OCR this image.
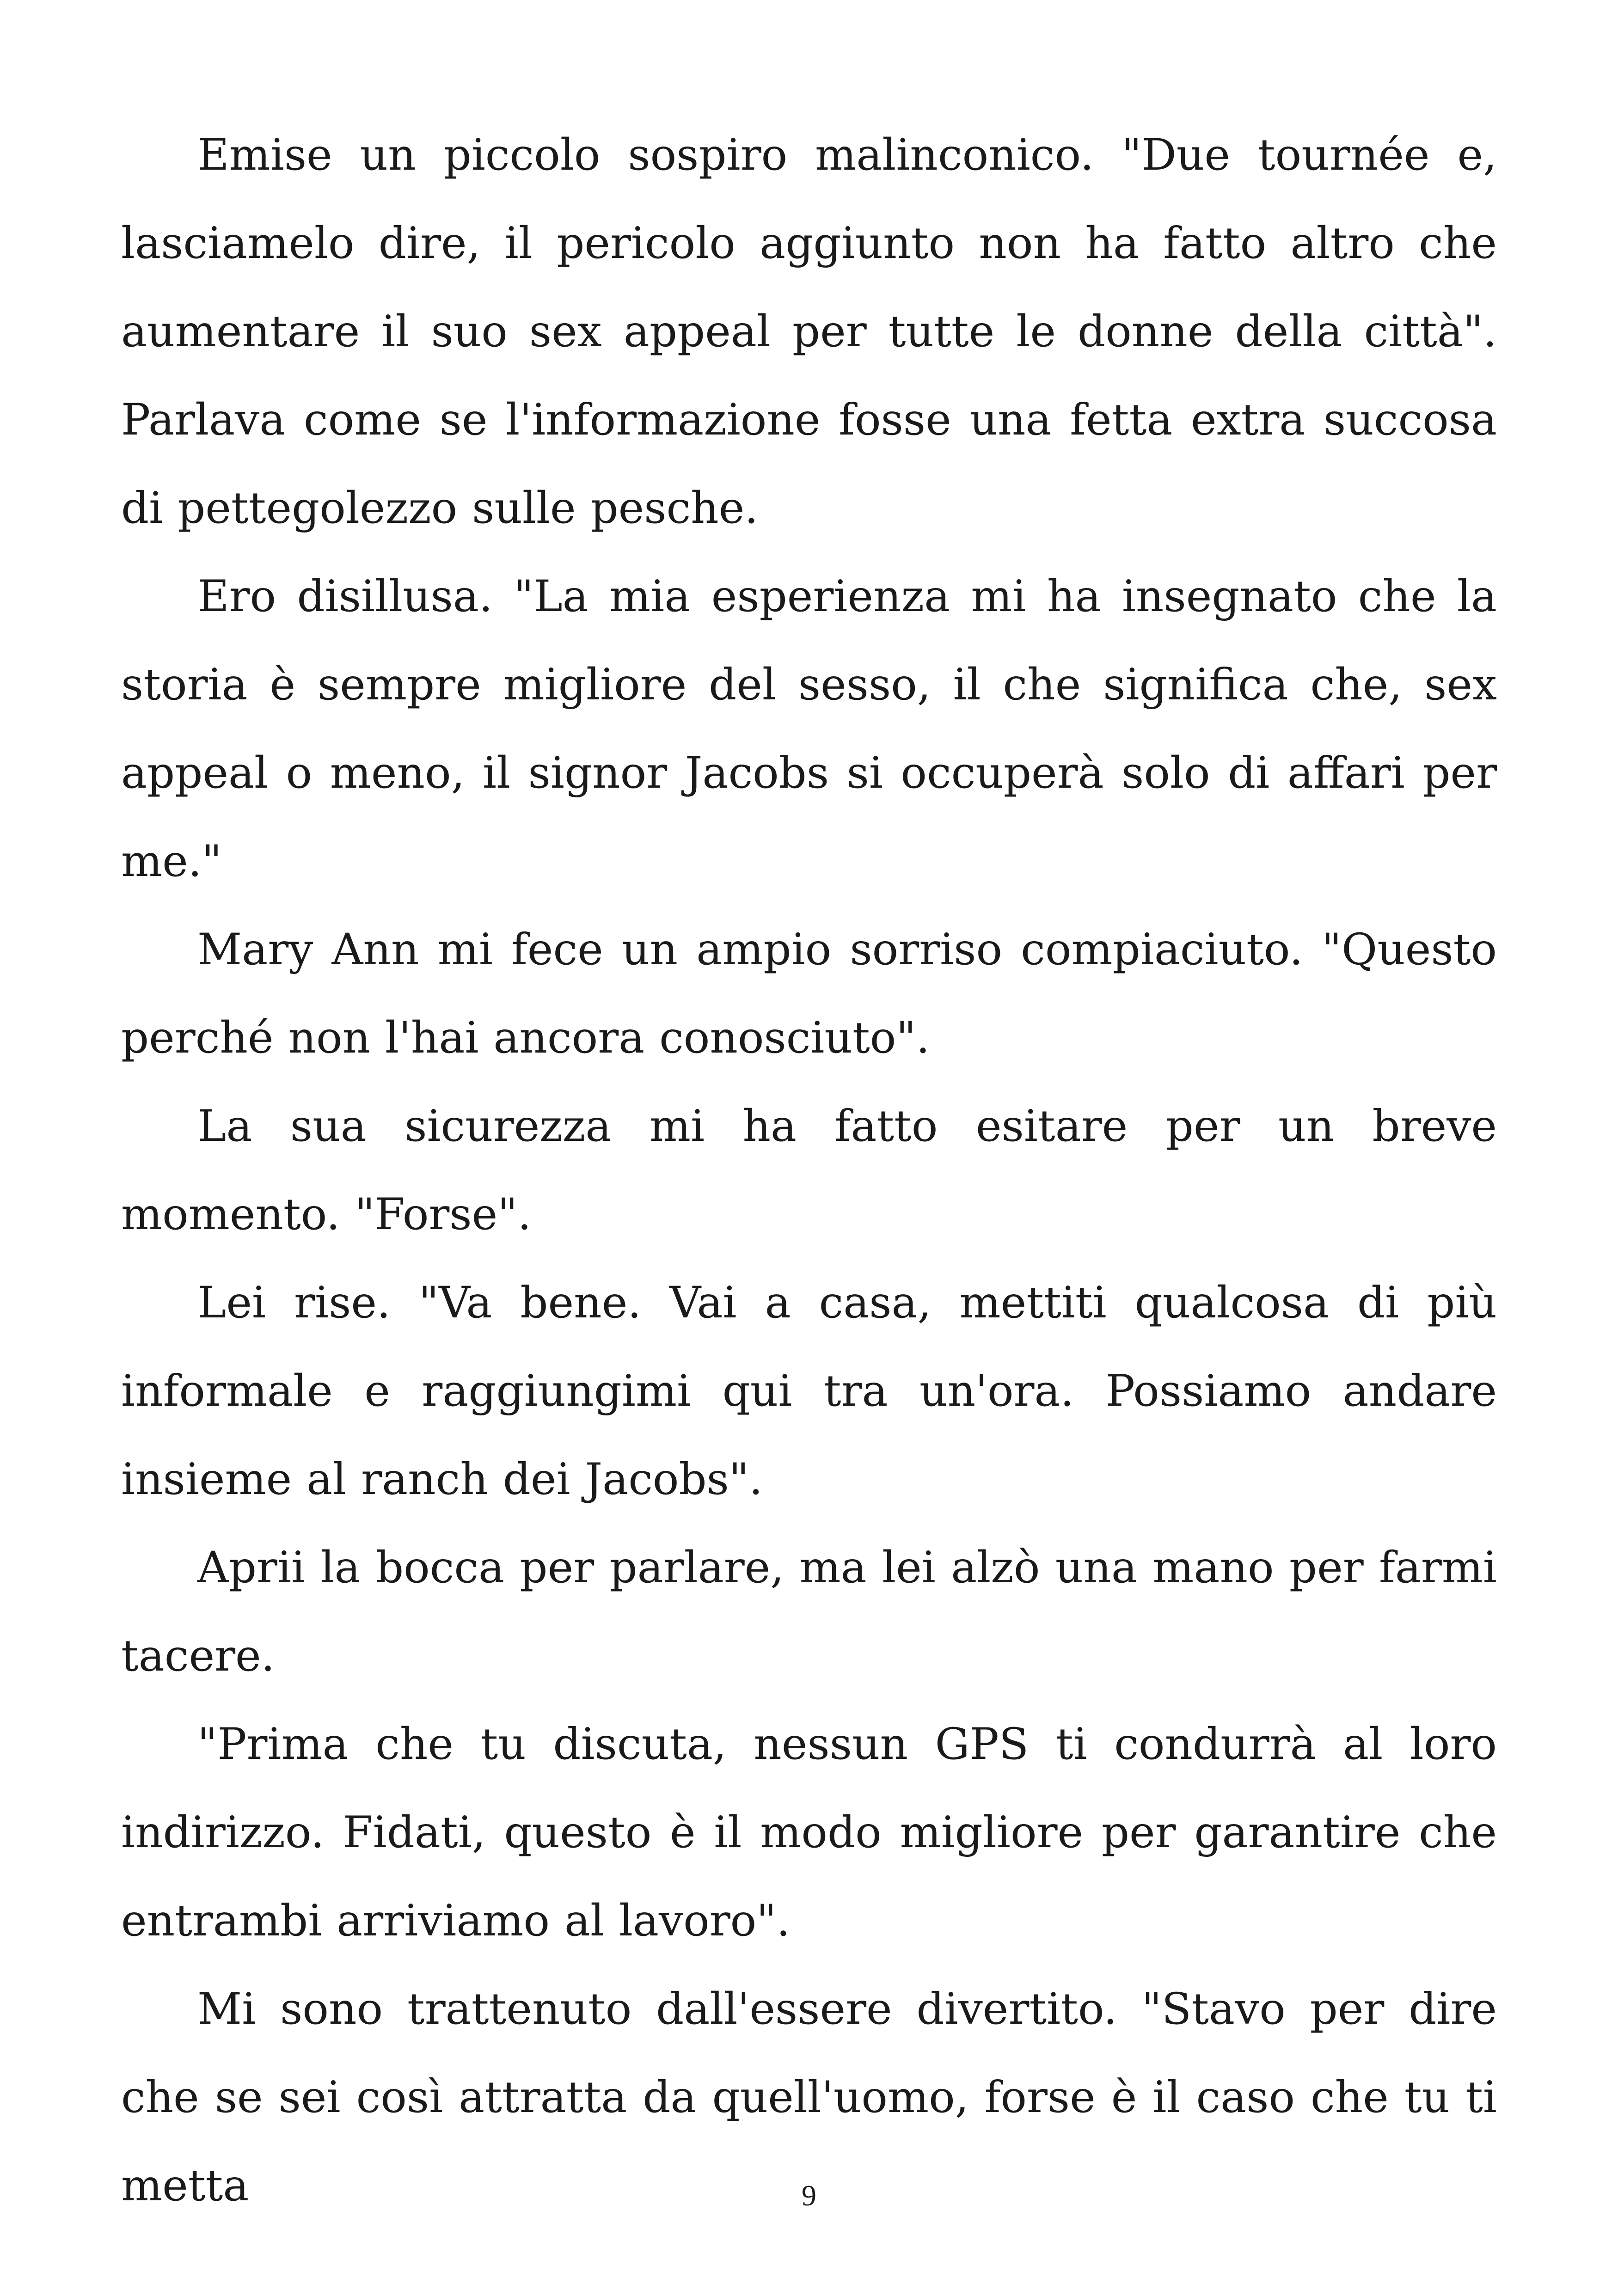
Emise un piccolo sospiro malinconico. "Due tournée e, lasciamelo dire, il pericolo aggiunto non ha fatto altro che aumentare il suo sex appeal per tutte le donne della città". Parlava come se l'informazione fosse una fetta extra succosa di pettegolezzo sulle pesche.

Ero disillusa. "La mia esperienza mi ha insegnato che la storia è sempre migliore del sesso, il che significa che, sex appeal o meno, il signor Jacobs si occuperà solo di affari per me."

Mary Ann mi fece un ampio sorriso compiaciuto. "Questo perché non l'hai ancora conosciuto".

La sua sicurezza mi ha fatto esitare per un breve momento. "Forse".

Lei rise. "Va bene. Vai a casa, mettiti qualcosa di più informale e raggiungimi qui tra un'ora. Possiamo andare insieme al ranch dei Jacobs".

Aprii la bocca per parlare, ma lei alzò una mano per farmi tacere.

"Prima che tu discuta, nessun GPS ti condurrà al loro indirizzo. Fidati, questo è il modo migliore per garantire che entrambi arriviamo al lavoro".

Mi sono trattenuto dall'essere divertito. "Stavo per dire che se sei così attratta da quell'uomo, forse è il caso che tu ti metta	9
